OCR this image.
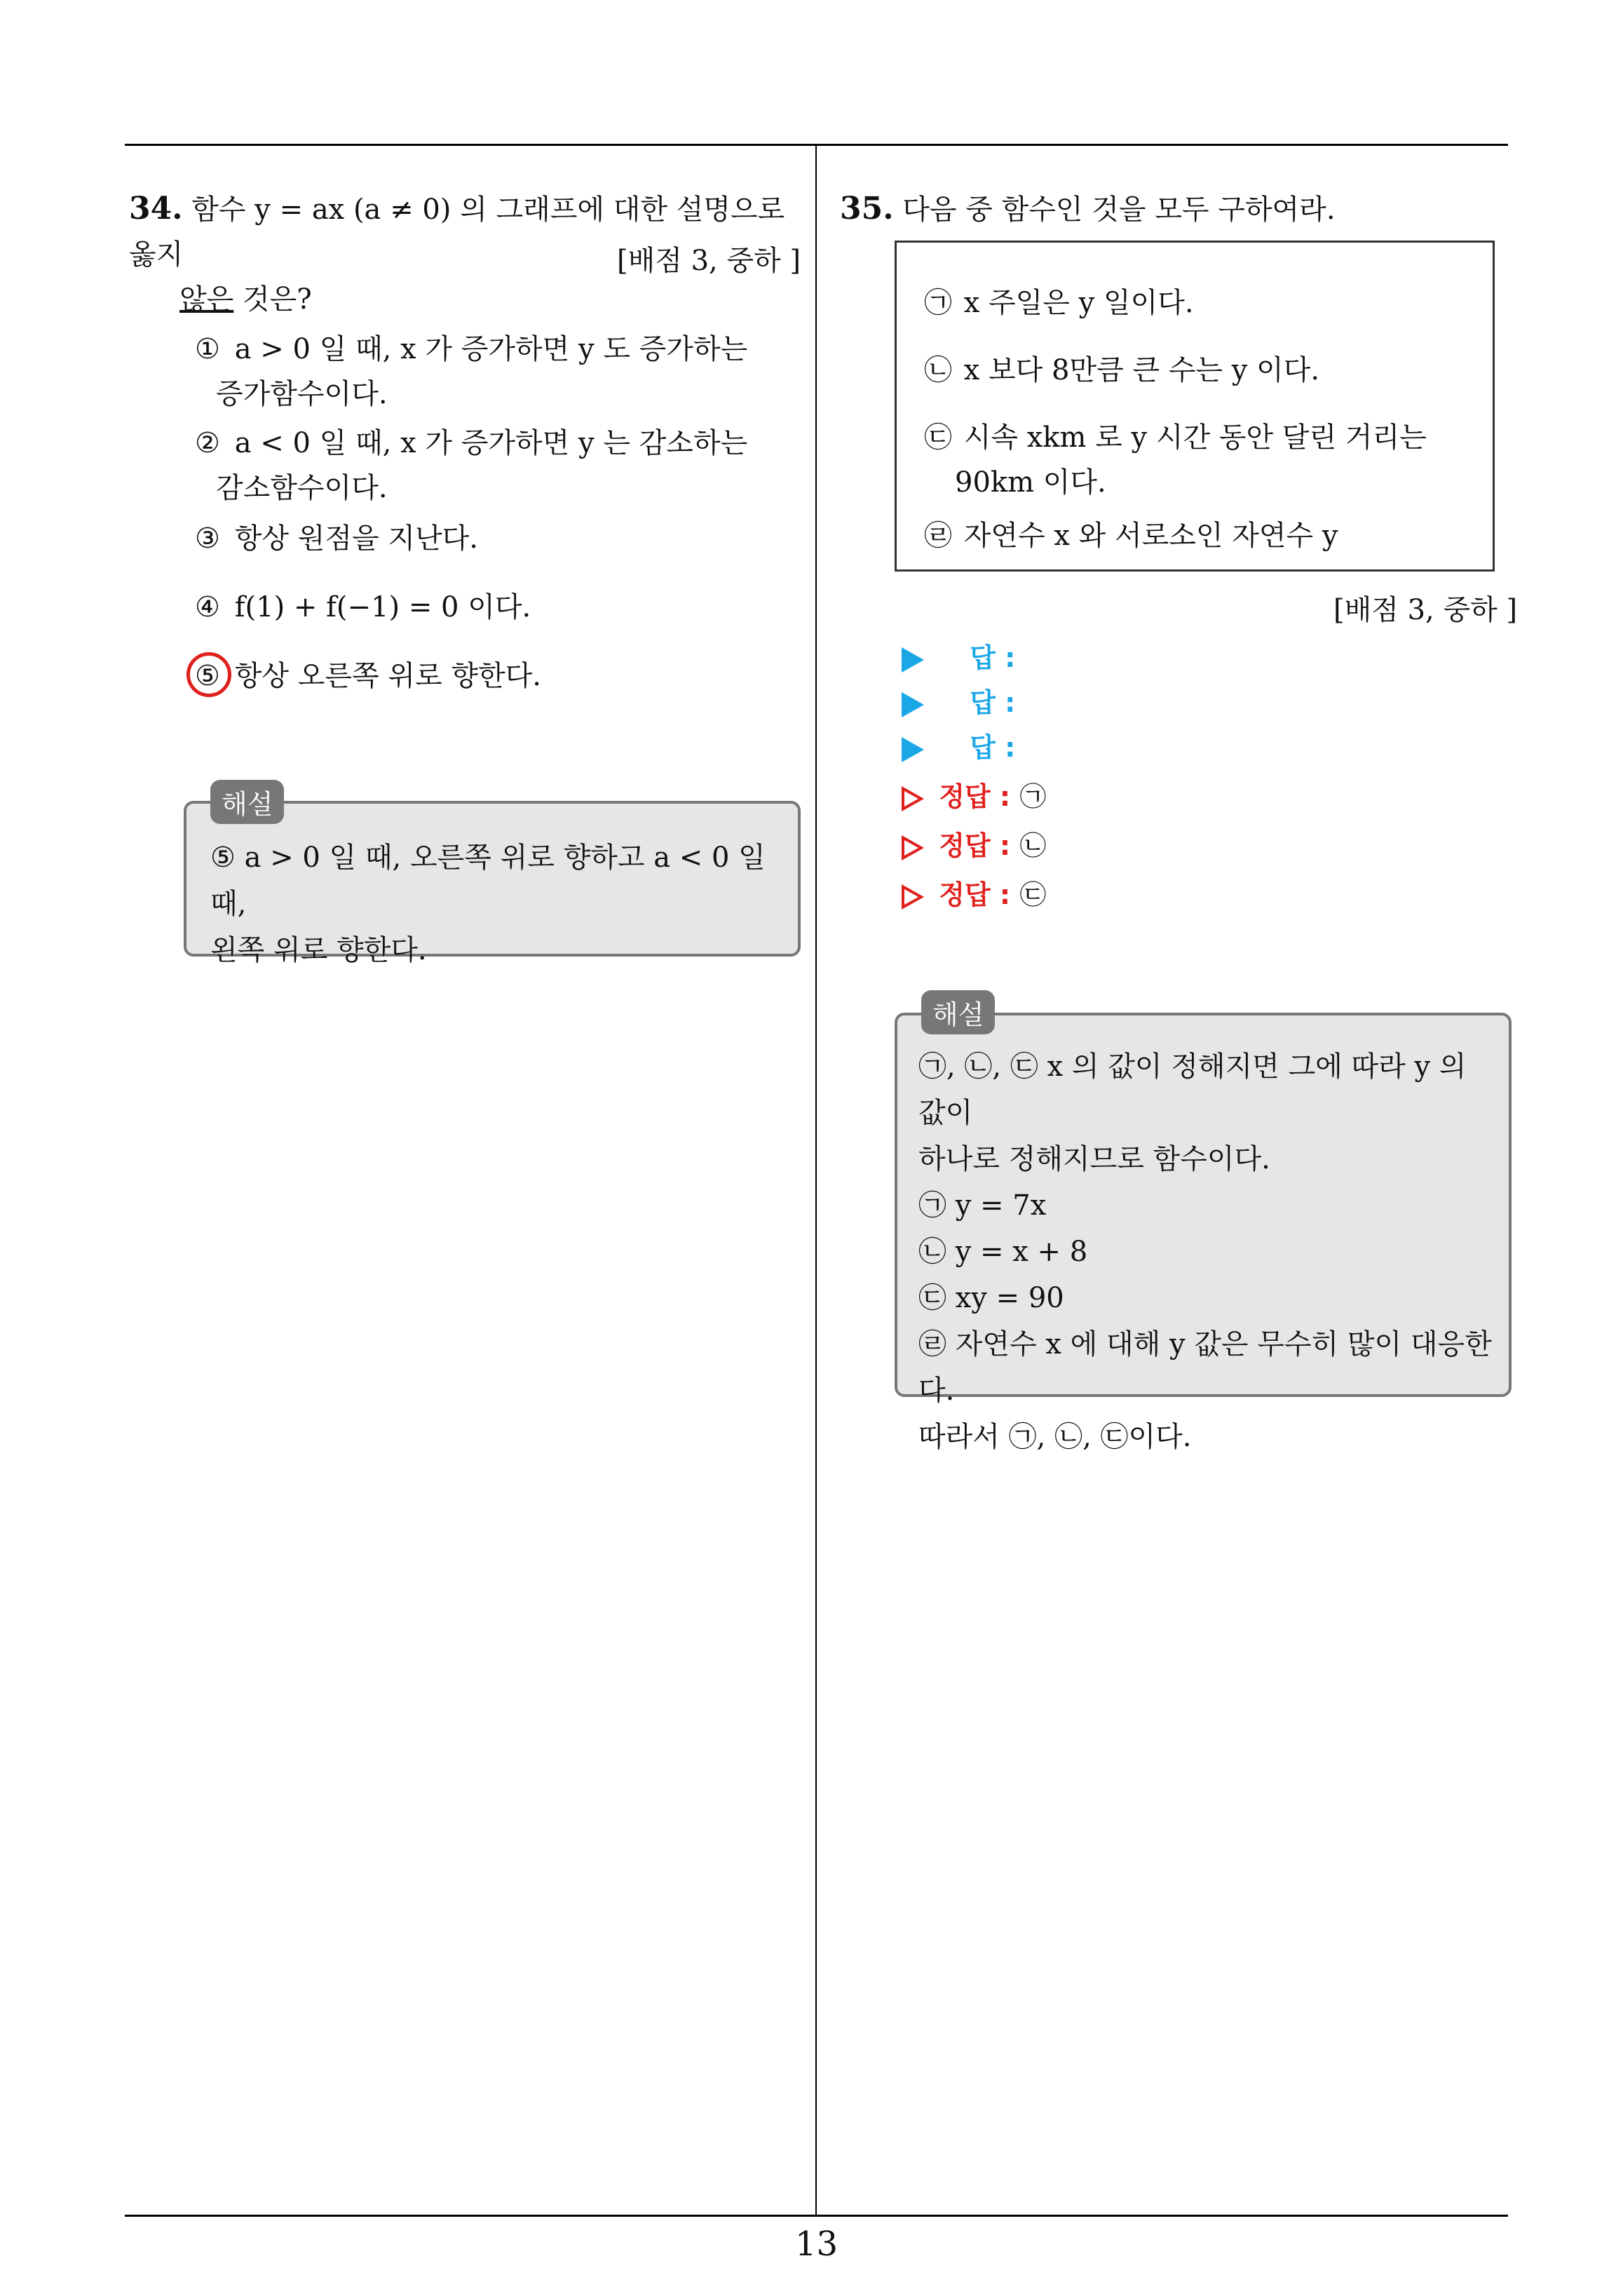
34. 함수 y = ax (a ≠ 0) 의 그래프에 대한 설명으로 옳지
않은 것은?
[배점 3, 중하 ]
① a > 0 일 때, x 가 증가하면 y 도 증가하는
증가함수이다.
② a < 0 일 때, x 가 증가하면 y 는 감소하는
감소함수이다.
③ 항상 원점을 지난다.
④ f(1) + f(−1) = 0 이다.
⑤ 항상 오른쪽 위로 향한다.
해설
⑤ a > 0 일 때, 오른쪽 위로 향하고 a < 0 일 때,
왼쪽 위로 향한다.
35. 다음 중 함수인 것을 모두 구하여라.
㉠ x 주일은 y 일이다.
㉡ x 보다 8만큼 큰 수는 y 이다.
㉢ 시속 xkm 로 y 시간 동안 달린 거리는
90km 이다.
㉣ 자연수 x 와 서로소인 자연수 y
[배점 3, 중하 ]
답 :
답 :
답 :
정답 : ㉠
정답 : ㉡
정답 : ㉢
해설
㉠, ㉡, ㉢ x 의 값이 정해지면 그에 따라 y 의 값이
하나로 정해지므로 함수이다.
㉠ y = 7x
㉡ y = x + 8
㉢ xy = 90
㉣ 자연수 x 에 대해 y 값은 무수히 많이 대응한다.
따라서 ㉠, ㉡, ㉢이다.
13
